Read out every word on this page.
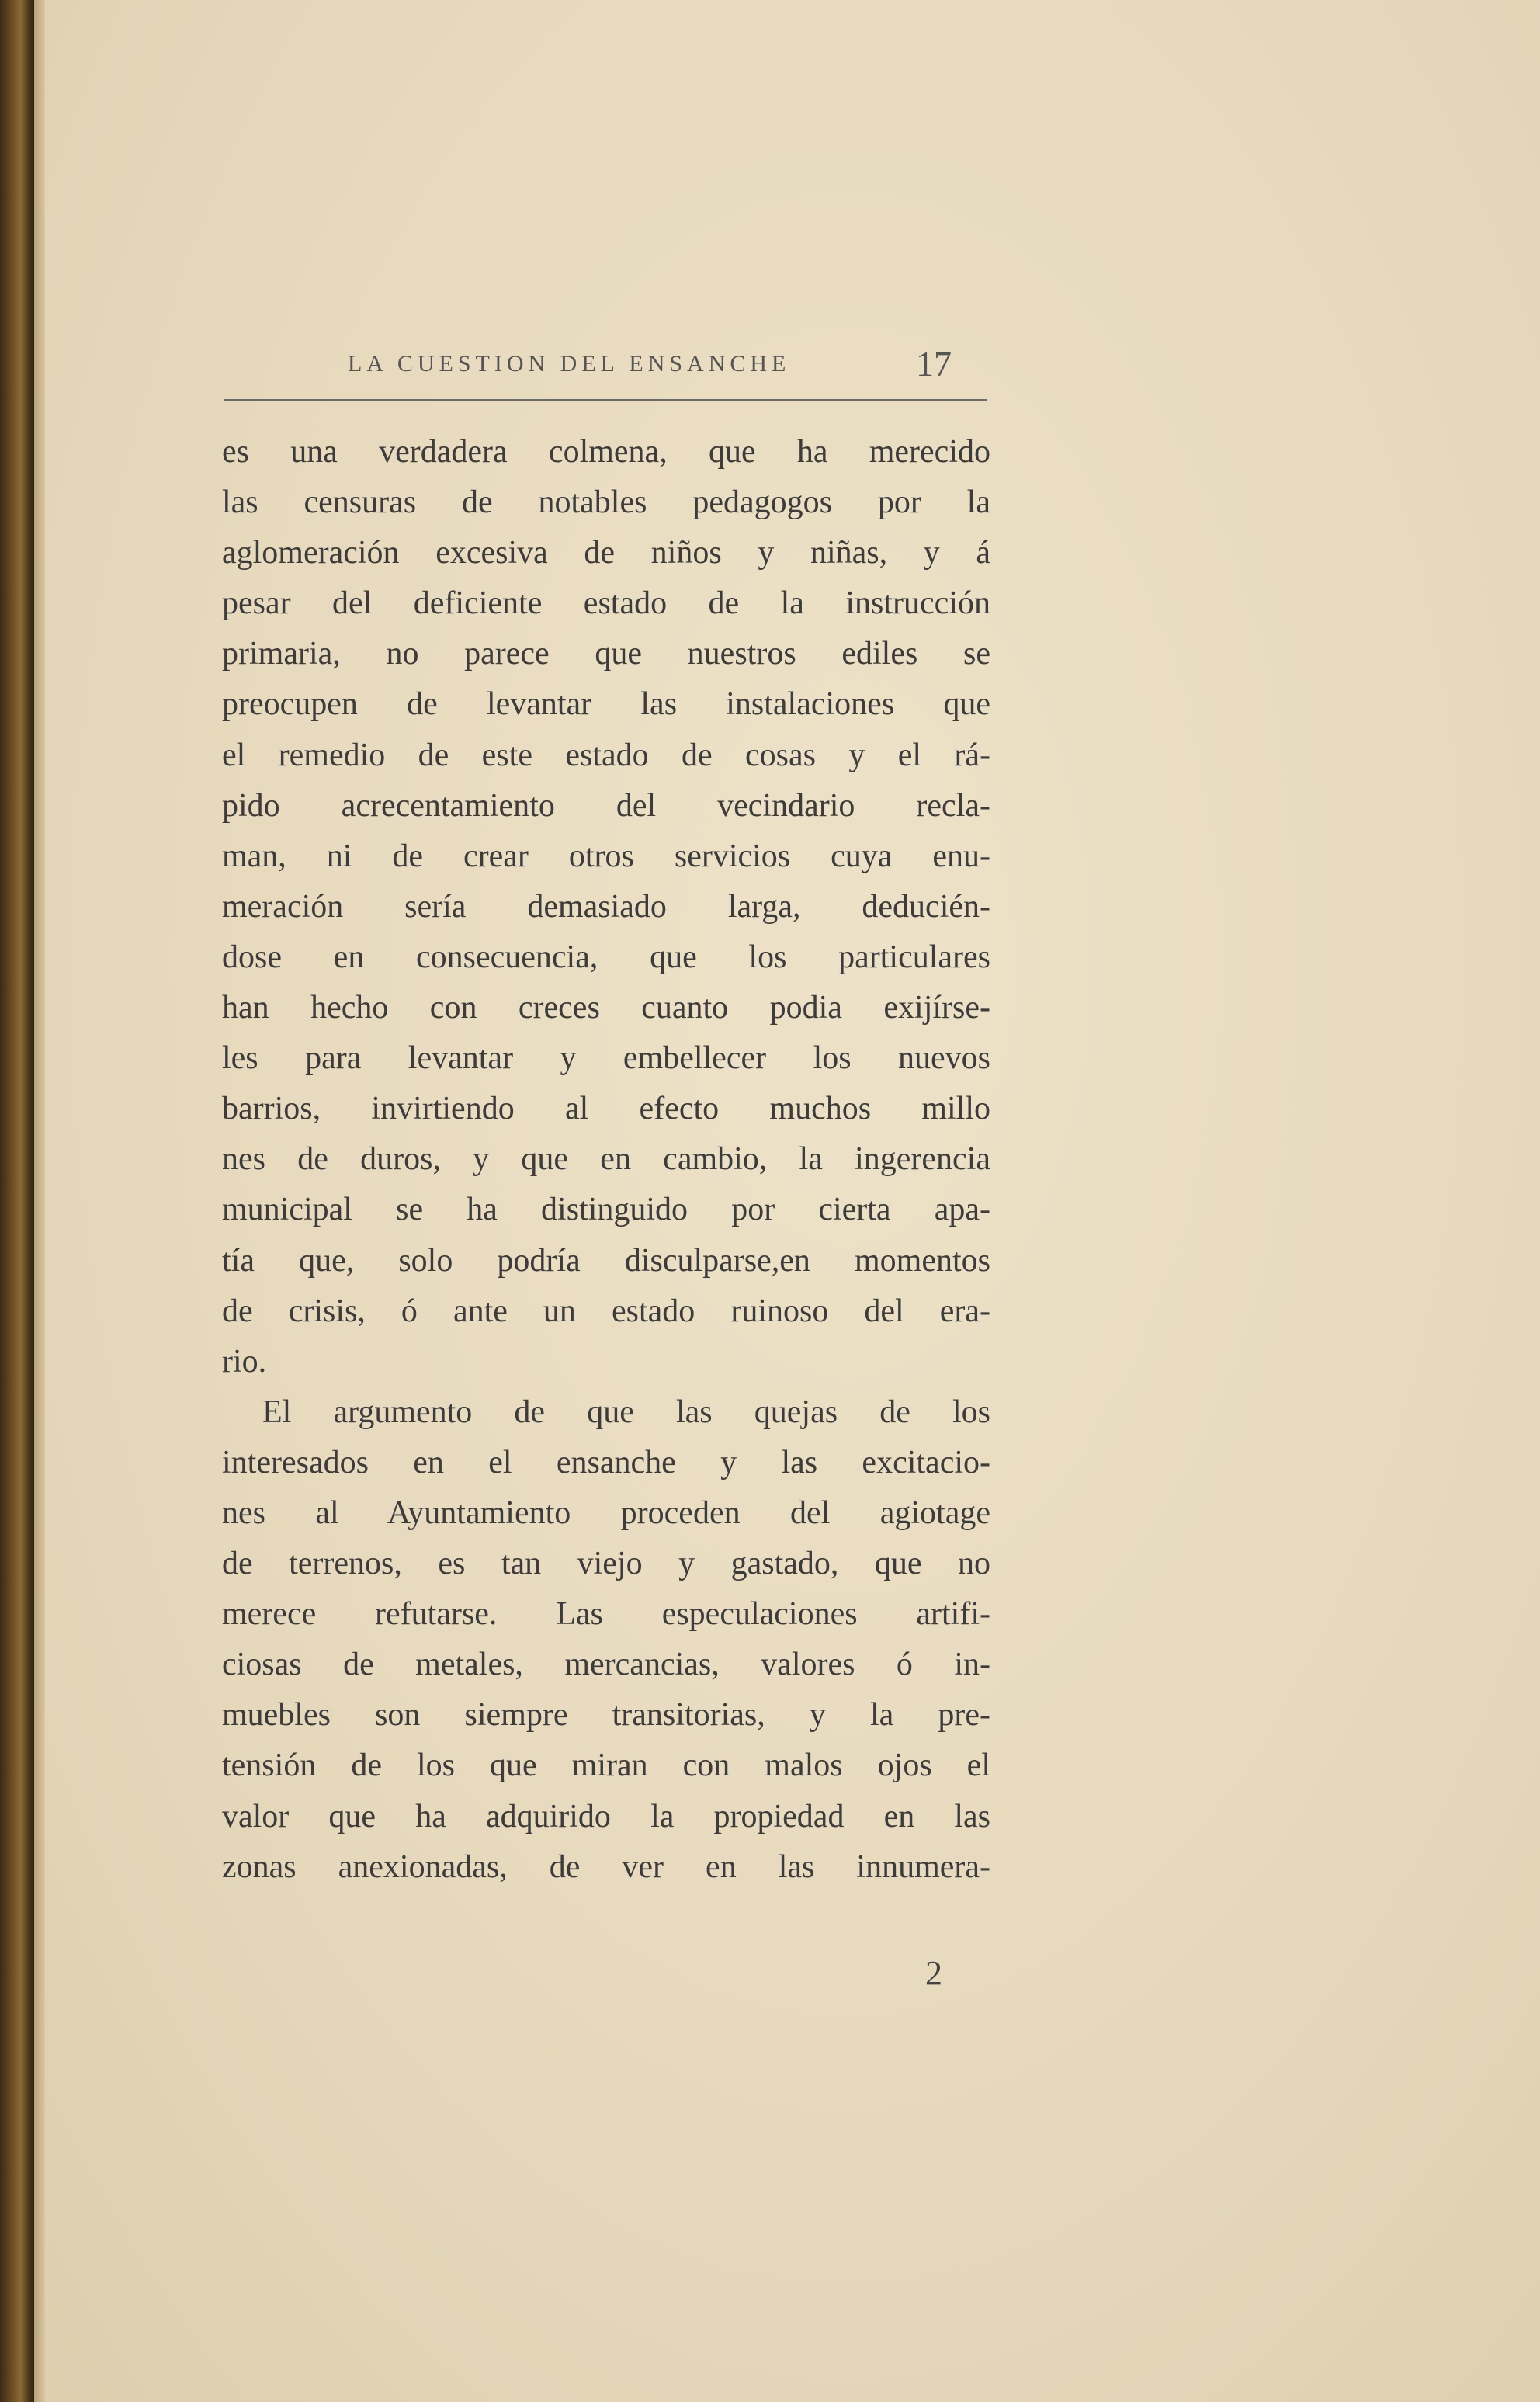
LA CUESTION DEL ENSANCHE	17
es una verdadera colmena, que ha merecido
las censuras de notables pedagogos por la
aglomeración excesiva de niños y niñas, y á
pesar del deficiente estado de la instrucción
primaria, no parece que nuestros ediles se
preocupen de levantar las instalaciones que
el remedio de este estado de cosas y el rá-
pido acrecentamiento del vecindario recla-
man, ni de crear otros servicios cuya enu-
meración sería demasiado larga, deducién-
dose en consecuencia, que los particulares
han hecho con creces cuanto podia exijírse-
les para levantar y embellecer los nuevos
barrios, invirtiendo al efecto muchos millo
nes de duros, y que en cambio, la ingerencia
municipal se ha distinguido por cierta apa-
tía que, solo podría disculparse,en momentos
de crisis, ó ante un estado ruinoso del era-
rio.
El argumento de que las quejas de los
interesados en el ensanche y las excitacio-
nes al Ayuntamiento proceden del agiotage
de terrenos, es tan viejo y gastado, que no
merece refutarse. Las especulaciones artifi-
ciosas de metales, mercancias, valores ó in-
muebles son siempre transitorias, y la pre-
tensión de los que miran con malos ojos el
valor que ha adquirido la propiedad en las
zonas anexionadas, de ver en las innumera-
2
